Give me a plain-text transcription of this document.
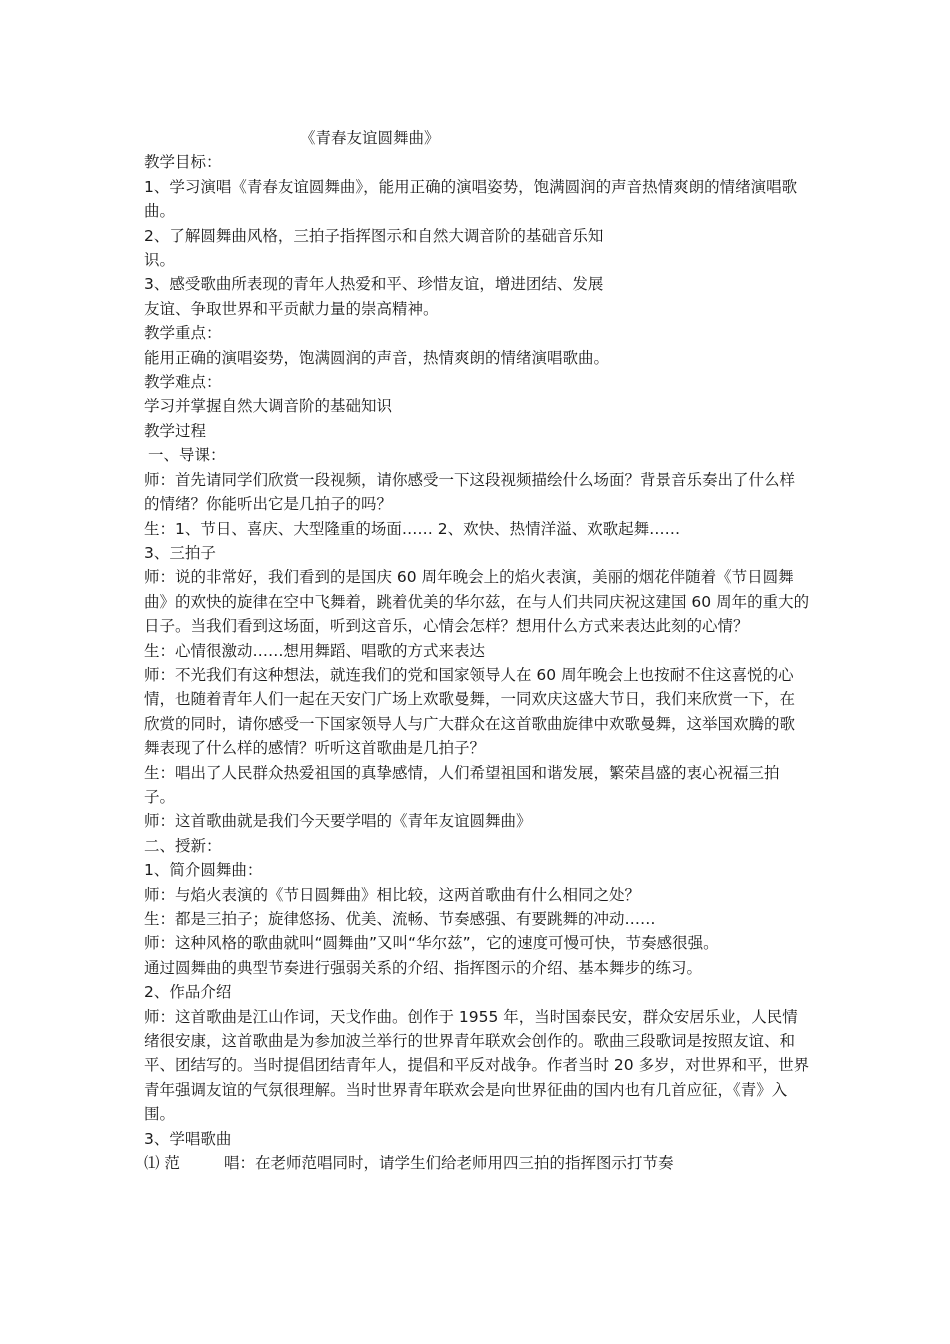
《青春友谊圆舞曲》

教学目标：

1、学习演唱《青春友谊圆舞曲》，能用正确的演唱姿势，饱满圆润的声音热情爽朗的情绪演唱歌曲。

2、了解圆舞曲风格，三拍子指挥图示和自然大调音阶的基础音乐知

识。

3、感受歌曲所表现的青年人热爱和平、珍惜友谊，增进团结、发展

友谊、争取世界和平贡献力量的崇高精神。

教学重点：

能用正确的演唱姿势，饱满圆润的声音，热情爽朗的情绪演唱歌曲。

教学难点：

学习并掌握自然大调音阶的基础知识

教学过程

一、导课：

师：首先请同学们欣赏一段视频，请你感受一下这段视频描绘什么场面？背景音乐奏出了什么样的情绪？你能听出它是几拍子的吗？

生：1、节日、喜庆、大型隆重的场面…… 2、欢快、热情洋溢、欢歌起舞……

3、三拍子

师：说的非常好，我们看到的是国庆 60 周年晚会上的焰火表演，美丽的烟花伴随着《节日圆舞曲》的欢快的旋律在空中飞舞着，跳着优美的华尔兹，在与人们共同庆祝这建国 60 周年的重大的日子。当我们看到这场面，听到这音乐，心情会怎样？想用什么方式来表达此刻的心情？

生：心情很激动……想用舞蹈、唱歌的方式来表达

师：不光我们有这种想法，就连我们的党和国家领导人在 60 周年晚会上也按耐不住这喜悦的心情，也随着青年人们一起在天安门广场上欢歌曼舞，一同欢庆这盛大节日，我们来欣赏一下，在欣赏的同时，请你感受一下国家领导人与广大群众在这首歌曲旋律中欢歌曼舞，这举国欢腾的歌舞表现了什么样的感情？听听这首歌曲是几拍子？

生：唱出了人民群众热爱祖国的真挚感情，人们希望祖国和谐发展，繁荣昌盛的衷心祝福三拍子。

师：这首歌曲就是我们今天要学唱的《青年友谊圆舞曲》

二、授新：

1、简介圆舞曲：

师：与焰火表演的《节日圆舞曲》相比较，这两首歌曲有什么相同之处？

生：都是三拍子；旋律悠扬、优美、流畅、节奏感强、有要跳舞的冲动……

师：这种风格的歌曲就叫“圆舞曲”又叫“华尔兹”，它的速度可慢可快，节奏感很强。

通过圆舞曲的典型节奏进行强弱关系的介绍、指挥图示的介绍、基本舞步的练习。

2、作品介绍

师：这首歌曲是江山作词，天戈作曲。创作于 1955 年，当时国泰民安，群众安居乐业，人民情绪很安康，这首歌曲是为参加波兰举行的世界青年联欢会创作的。歌曲三段歌词是按照友谊、和平、团结写的。当时提倡团结青年人，提倡和平反对战争。作者当时 20 多岁，对世界和平，世界青年强调友谊的气氛很理解。当时世界青年联欢会是向世界征曲的国内也有几首应征，《青》入围。

3、学唱歌曲

⑴ 范	唱：在老师范唱同时，请学生们给老师用四三拍的指挥图示打节奏
